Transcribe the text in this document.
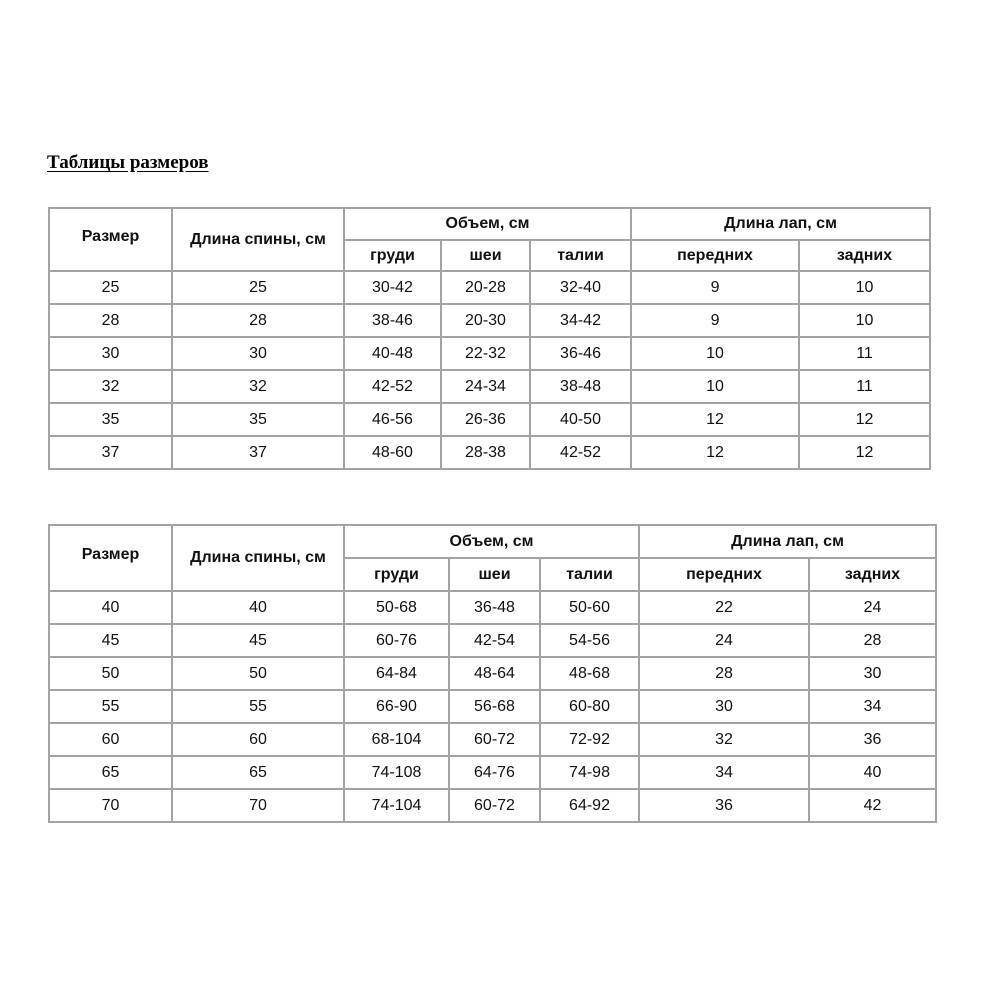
Таблицы размеров
Размер	Длина спины, см	Объем, см			Длина лап, см	
		груди	шеи	талии	передних	задних
25	25	30-42	20-28	32-40	9	10
28	28	38-46	20-30	34-42	9	10
30	30	40-48	22-32	36-46	10	11
32	32	42-52	24-34	38-48	10	11
35	35	46-56	26-36	40-50	12	12
37	37	48-60	28-38	42-52	12	12
Размер	Длина спины, см	Объем, см			Длина лап, см	
		груди	шеи	талии	передних	задних
40	40	50-68	36-48	50-60	22	24
45	45	60-76	42-54	54-56	24	28
50	50	64-84	48-64	48-68	28	30
55	55	66-90	56-68	60-80	30	34
60	60	68-104	60-72	72-92	32	36
65	65	74-108	64-76	74-98	34	40
70	70	74-104	60-72	64-92	36	42
